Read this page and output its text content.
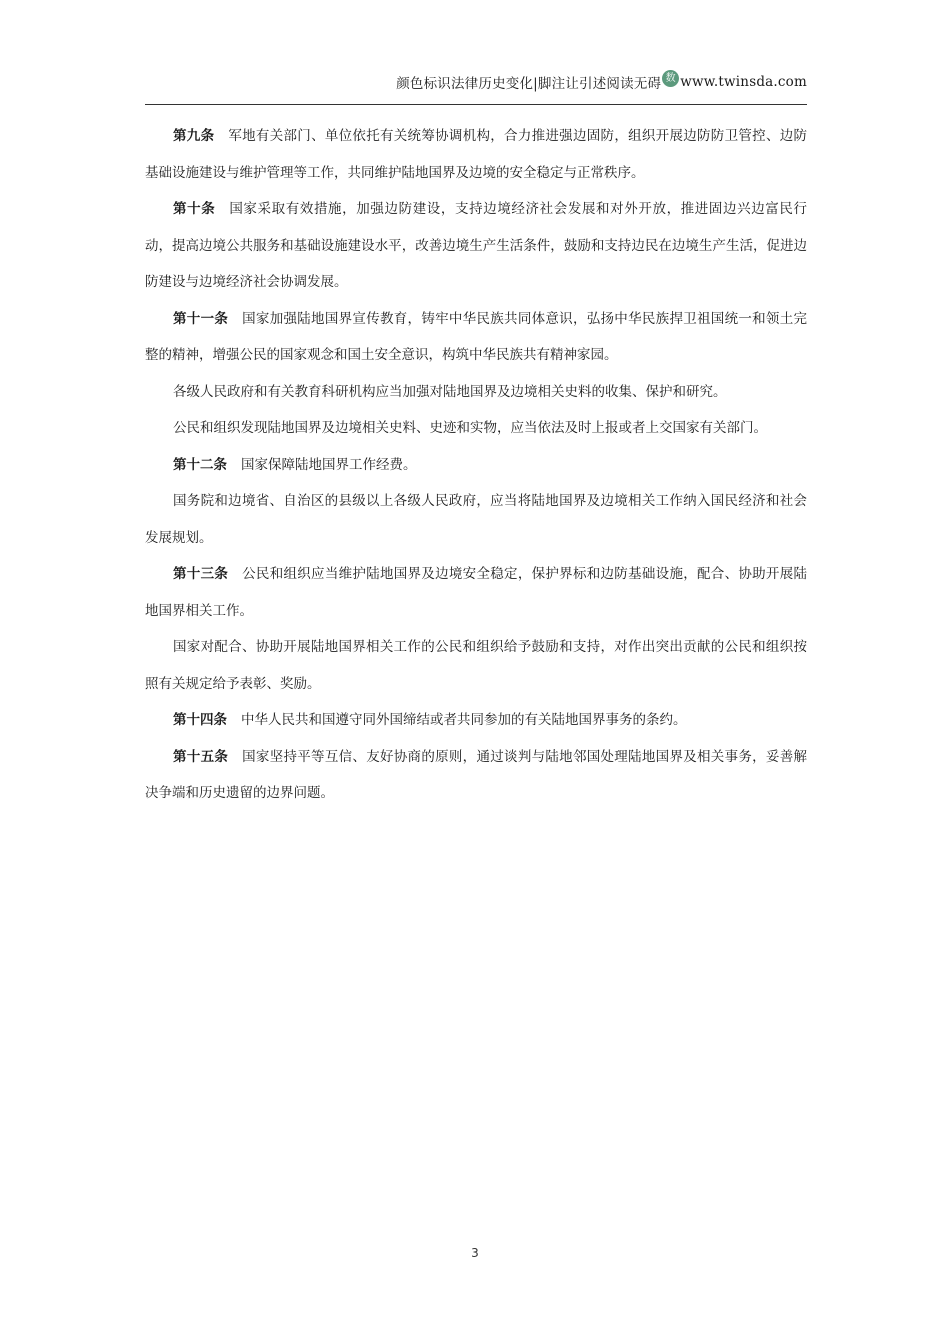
颜色标识法律历史变化|脚注让引述阅读无碍 数 www.twinsda.com

第九条 军地有关部门、单位依托有关统筹协调机构，合力推进强边固防，组织开展边防防卫管控、边防基础设施建设与维护管理等工作，共同维护陆地国界及边境的安全稳定与正常秩序。

第十条 国家采取有效措施，加强边防建设，支持边境经济社会发展和对外开放，推进固边兴边富民行动，提高边境公共服务和基础设施建设水平，改善边境生产生活条件，鼓励和支持边民在边境生产生活，促进边防建设与边境经济社会协调发展。

第十一条 国家加强陆地国界宣传教育，铸牢中华民族共同体意识，弘扬中华民族捍卫祖国统一和领土完整的精神，增强公民的国家观念和国土安全意识，构筑中华民族共有精神家园。

各级人民政府和有关教育科研机构应当加强对陆地国界及边境相关史料的收集、保护和研究。

公民和组织发现陆地国界及边境相关史料、史迹和实物，应当依法及时上报或者上交国家有关部门。

第十二条 国家保障陆地国界工作经费。

国务院和边境省、自治区的县级以上各级人民政府，应当将陆地国界及边境相关工作纳入国民经济和社会发展规划。

第十三条 公民和组织应当维护陆地国界及边境安全稳定，保护界标和边防基础设施，配合、协助开展陆地国界相关工作。

国家对配合、协助开展陆地国界相关工作的公民和组织给予鼓励和支持，对作出突出贡献的公民和组织按照有关规定给予表彰、奖励。

第十四条 中华人民共和国遵守同外国缔结或者共同参加的有关陆地国界事务的条约。

第十五条 国家坚持平等互信、友好协商的原则，通过谈判与陆地邻国处理陆地国界及相关事务，妥善解决争端和历史遗留的边界问题。

3
